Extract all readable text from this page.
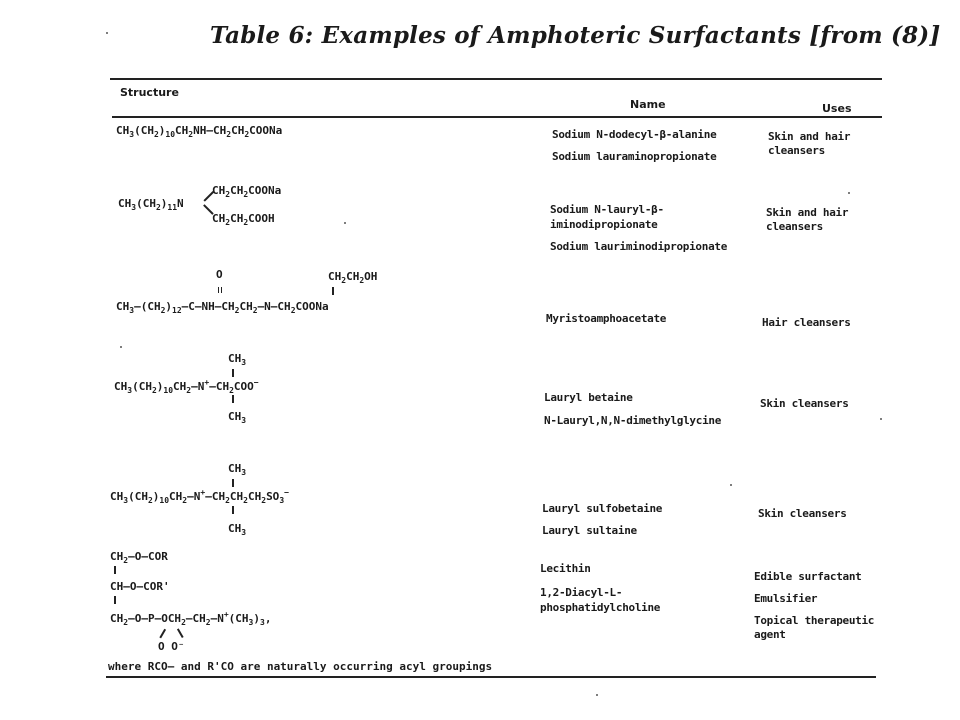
Table 6: Examples of Amphoteric Surfactants [from (8)]
Structure
Name	Uses
$CH_3(CH_2)_{10}CH_2NH—CH_2CH_2COONa$
$CH_2CH_2COONa$
$CH_3(CH_2)_{11}N$
$CH_2CH_2COOH$
O	$CH_2CH_2OH$
$CH_3—(CH_2)_{12}—C—NH—CH_2CH_2—N—CH_2COONa$
$CH_3$
$CH_3(CH_2)_{10}CH_2—N^+—CH_2COO^-$
$CH_3$
$CH_3$
$CH_3(CH_2)_{10}CH_2—N^+—CH_2CH_2CH_2SO_3^-$
$CH_3$
$CH_2—O—COR$
CH—O—COR'
$CH_2—O—P—OCH_2—CH_2—N^+(CH_3)_3$,
O O⁻
where RCO— and R'CO are naturally occurring acyl groupings
Sodium N-dodecyl-β-alanine
Sodium lauraminopropionate
Sodium N-lauryl-β-
iminodipropionate
Sodium lauriminodipropionate
Myristoamphoacetate
Lauryl betaine
N-Lauryl,N,N-dimethylglycine
Lauryl sulfobetaine
Lauryl sultaine
Lecithin
1,2-Diacyl-L-
phosphatidylcholine
Skin and hair
cleansers
Skin and hair
cleansers
Hair cleansers
Skin cleansers
Skin cleansers
Edible surfactant
Emulsifier
Topical therapeutic
agent
